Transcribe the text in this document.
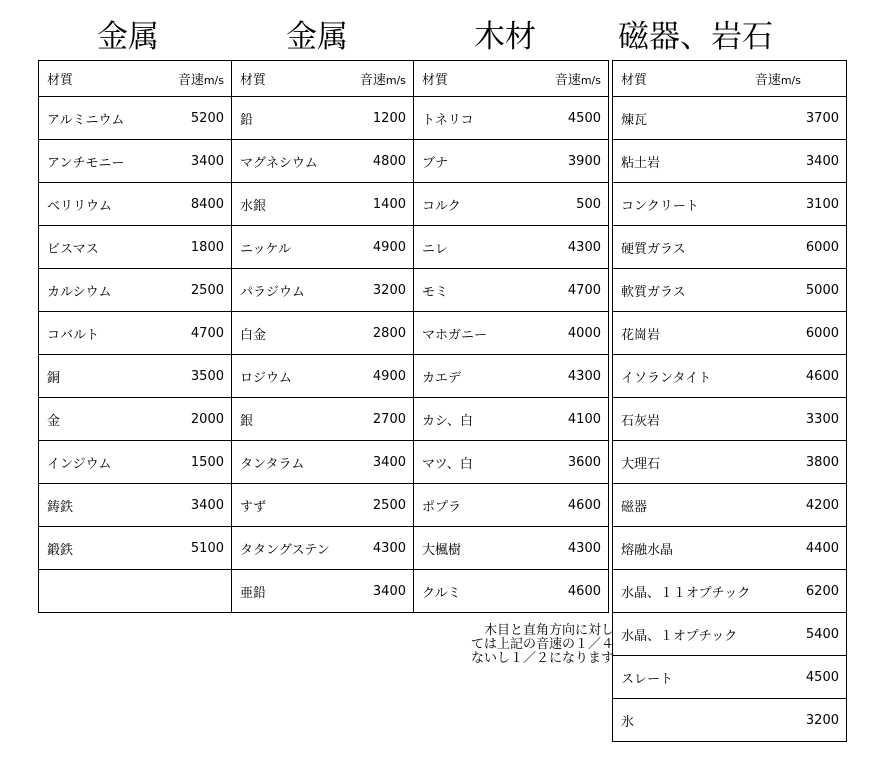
金属	金属	木材	磁器、岩石
材質	音速m/s

アルミニウム	5200

アンチモニー	3400

ベリリウム	8400

ビスマス	1800

カルシウム	2500

コバルト	4700

銅	3500

金	2000

インジウム	1500

鋳鉄	3400

鍛鉄	5100

材質	音速m/s

鉛	1200

マグネシウム	4800

水銀	1400

ニッケル	4900

パラジウム	3200

白金	2800

ロジウム	4900

銀	2700

タンタラム	3400

すず	2500

タタングステン	4300

亜鉛	3400
材質	音速m/s

トネリコ	4500

ブナ	3900

コルク	500

ニレ	4300

モミ	4700

マホガニー	4000

カエデ	4300

カシ、白	4100

マツ、白	3600

ポプラ	4600

大楓樹	4300

クルミ	4600
材質	音速m/s

煉瓦	3700

粘土岩	3400

コンクリート	3100

硬質ガラス	6000

軟質ガラス	5000

花崗岩	6000

イソランタイト	4600

石灰岩	3300

大理石	3800

磁器	4200

熔融水晶	4400

水晶、１１オプチック	6200

水晶、１オプチック	5400

スレート	4500

氷	3200
木目と直角方向に対し
ては上記の音速の１／４
ないし１／２になります
